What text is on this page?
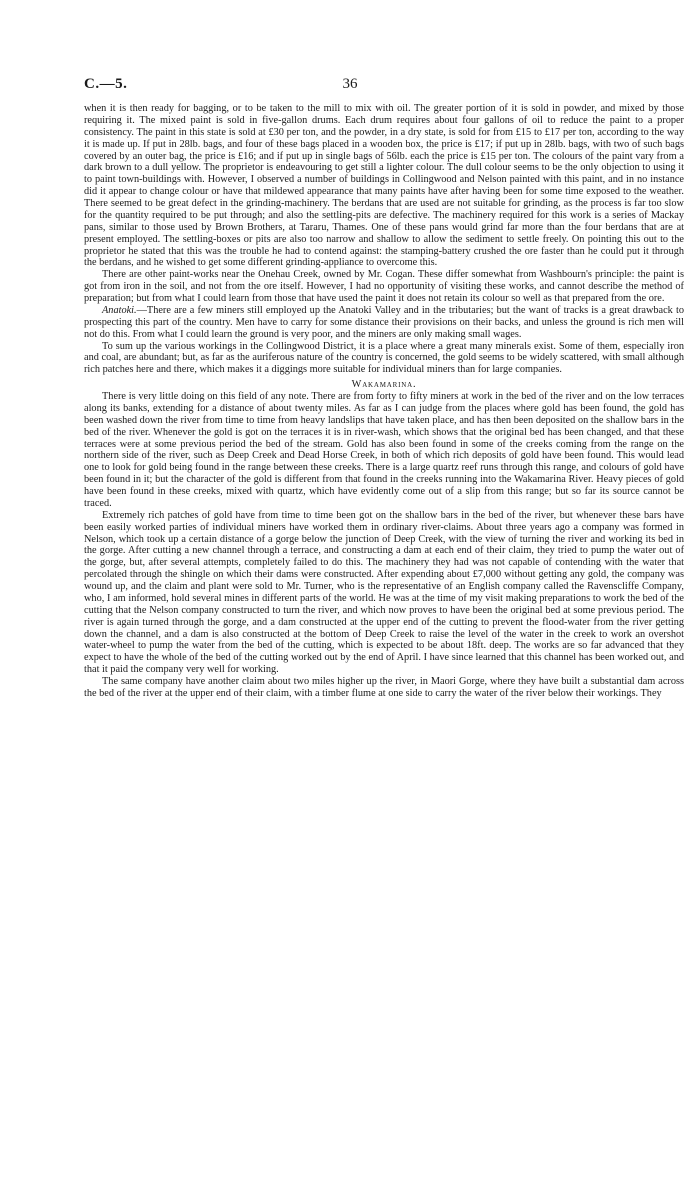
C.—5.	36

when it is then ready for bagging, or to be taken to the mill to mix with oil. The greater portion of it is sold in powder, and mixed by those requiring it. The mixed paint is sold in five-gallon drums. Each drum requires about four gallons of oil to reduce the paint to a proper consistency. The paint in this state is sold at £30 per ton, and the powder, in a dry state, is sold for from £15 to £17 per ton, according to the way it is made up. If put in 28lb. bags, and four of these bags placed in a wooden box, the price is £17; if put up in 28lb. bags, with two of such bags covered by an outer bag, the price is £16; and if put up in single bags of 56lb. each the price is £15 per ton. The colours of the paint vary from a dark brown to a dull yellow. The proprietor is endeavouring to get still a lighter colour. The dull colour seems to be the only objection to using it to paint town-buildings with. However, I observed a number of buildings in Collingwood and Nelson painted with this paint, and in no instance did it appear to change colour or have that mildewed appearance that many paints have after having been for some time exposed to the weather. There seemed to be great defect in the grinding-machinery. The berdans that are used are not suitable for grinding, as the process is far too slow for the quantity required to be put through; and also the settling-pits are defective. The machinery required for this work is a series of Mackay pans, similar to those used by Brown Brothers, at Tararu, Thames. One of these pans would grind far more than the four berdans that are at present employed. The settling-boxes or pits are also too narrow and shallow to allow the sediment to settle freely. On pointing this out to the proprietor he stated that this was the trouble he had to contend against: the stamping-battery crushed the ore faster than he could put it through the berdans, and he wished to get some different grinding-appliance to overcome this.

There are other paint-works near the Onehau Creek, owned by Mr. Cogan. These differ somewhat from Washbourn's principle: the paint is got from iron in the soil, and not from the ore itself. However, I had no opportunity of visiting these works, and cannot describe the method of preparation; but from what I could learn from those that have used the paint it does not retain its colour so well as that prepared from the ore.

Anatoki.—There are a few miners still employed up the Anatoki Valley and in the tributaries; but the want of tracks is a great drawback to prospecting this part of the country. Men have to carry for some distance their provisions on their backs, and unless the ground is rich men will not do this. From what I could learn the ground is very poor, and the miners are only making small wages.

To sum up the various workings in the Collingwood District, it is a place where a great many minerals exist. Some of them, especially iron and coal, are abundant; but, as far as the auriferous nature of the country is concerned, the gold seems to be widely scattered, with small although rich patches here and there, which makes it a diggings more suitable for individual miners than for large companies.

Wakamarina.

There is very little doing on this field of any note. There are from forty to fifty miners at work in the bed of the river and on the low terraces along its banks, extending for a distance of about twenty miles. As far as I can judge from the places where gold has been found, the gold has been washed down the river from time to time from heavy landslips that have taken place, and has then been deposited on the shallow bars in the bed of the river. Whenever the gold is got on the terraces it is in river-wash, which shows that the original bed has been changed, and that these terraces were at some previous period the bed of the stream. Gold has also been found in some of the creeks coming from the range on the northern side of the river, such as Deep Creek and Dead Horse Creek, in both of which rich deposits of gold have been found. This would lead one to look for gold being found in the range between these creeks. There is a large quartz reef runs through this range, and colours of gold have been found in it; but the character of the gold is different from that found in the creeks running into the Wakamarina River. Heavy pieces of gold have been found in these creeks, mixed with quartz, which have evidently come out of a slip from this range; but so far its source cannot be traced.

Extremely rich patches of gold have from time to time been got on the shallow bars in the bed of the river, but whenever these bars have been easily worked parties of individual miners have worked them in ordinary river-claims. About three years ago a company was formed in Nelson, which took up a certain distance of a gorge below the junction of Deep Creek, with the view of turning the river and working its bed in the gorge. After cutting a new channel through a terrace, and constructing a dam at each end of their claim, they tried to pump the water out of the gorge, but, after several attempts, completely failed to do this. The machinery they had was not capable of contending with the water that percolated through the shingle on which their dams were constructed. After expending about £7,000 without getting any gold, the company was wound up, and the claim and plant were sold to Mr. Turner, who is the representative of an English company called the Ravenscliffe Company, who, I am informed, hold several mines in different parts of the world. He was at the time of my visit making preparations to work the bed of the cutting that the Nelson company constructed to turn the river, and which now proves to have been the original bed at some previous period. The river is again turned through the gorge, and a dam constructed at the upper end of the cutting to prevent the flood-water from the river getting down the channel, and a dam is also constructed at the bottom of Deep Creek to raise the level of the water in the creek to work an overshot water-wheel to pump the water from the bed of the cutting, which is expected to be about 18ft. deep. The works are so far advanced that they expect to have the whole of the bed of the cutting worked out by the end of April. I have since learned that this channel has been worked out, and that it paid the company very well for working.

The same company have another claim about two miles higher up the river, in Maori Gorge, where they have built a substantial dam across the bed of the river at the upper end of their claim, with a timber flume at one side to carry the water of the river below their workings. They
